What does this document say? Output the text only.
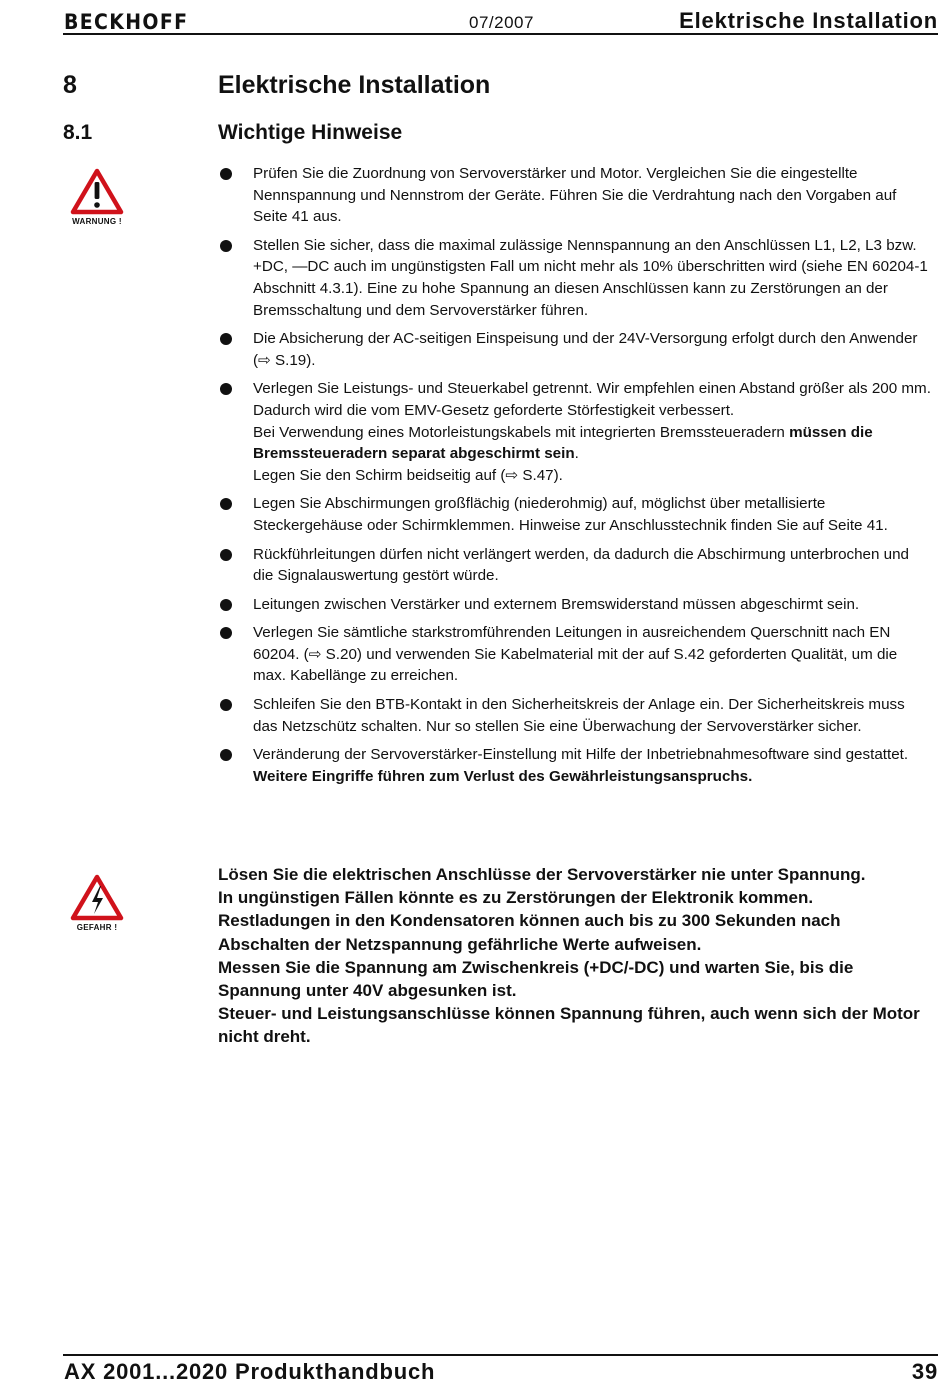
BECKHOFF	07/2007	Elektrische Installation
8	Elektrische Installation
8.1	Wichtige Hinweise
WARNUNG !
Prüfen Sie die Zuordnung von Servoverstärker und Motor. Vergleichen Sie die eingestellte Nennspannung und Nennstrom der Geräte. Führen Sie die Verdrahtung nach den Vorgaben auf Seite 41 aus.
Stellen Sie sicher, dass die maximal zulässige Nennspannung an den Anschlüssen L1, L2, L3 bzw. +DC, —DC auch im ungünstigsten Fall um nicht mehr als 10% überschritten wird (siehe EN 60204-1 Abschnitt 4.3.1). Eine zu hohe Spannung an diesen Anschlüssen kann zu Zerstörungen an der Bremsschaltung und dem Servoverstärker führen.
Die Absicherung der AC-seitigen Einspeisung und der 24V-Versorgung erfolgt durch den Anwender (⇨ S.19).
Verlegen Sie Leistungs- und Steuerkabel getrennt. Wir empfehlen einen Abstand größer als 200 mm. Dadurch wird die vom EMV-Gesetz geforderte Störfestigkeit verbessert.
Bei Verwendung eines Motorleistungskabels mit integrierten Bremssteueradern müssen die Bremssteueradern separat abgeschirmt sein.
Legen Sie den Schirm beidseitig auf (⇨ S.47).
Legen Sie Abschirmungen großflächig (niederohmig) auf, möglichst über metallisierte Steckergehäuse oder Schirmklemmen. Hinweise zur Anschlusstechnik finden Sie auf Seite 41.
Rückführleitungen dürfen nicht verlängert werden, da dadurch die Abschirmung unterbrochen und die Signalauswertung gestört würde.
Leitungen zwischen Verstärker und externem Bremswiderstand müssen abgeschirmt sein.
Verlegen Sie sämtliche starkstromführenden Leitungen in ausreichendem Querschnitt nach EN 60204. (⇨ S.20) und verwenden Sie Kabelmaterial mit der auf S.42 geforderten Qualität, um die max. Kabellänge zu erreichen.
Schleifen Sie den BTB-Kontakt in den Sicherheitskreis der Anlage ein. Der Sicherheitskreis muss das Netzschütz schalten. Nur so stellen Sie eine Überwachung der Servoverstärker sicher.
Veränderung der Servoverstärker-Einstellung mit Hilfe der Inbetriebnahmesoftware sind gestattet. Weitere Eingriffe führen zum Verlust des Gewährleistungsanspruchs.
GEFAHR !
Lösen Sie die elektrischen Anschlüsse der Servoverstärker nie unter Spannung.
In ungünstigen Fällen könnte es zu Zerstörungen der Elektronik kommen.
Restladungen in den Kondensatoren können auch bis zu 300 Sekunden nach Abschalten der Netzspannung gefährliche Werte aufweisen.
Messen Sie die Spannung am Zwischenkreis (+DC/-DC) und warten Sie, bis die Spannung unter 40V abgesunken ist.
Steuer- und Leistungsanschlüsse können Spannung führen, auch wenn sich der Motor nicht dreht.
AX 2001...2020 Produkthandbuch	39
